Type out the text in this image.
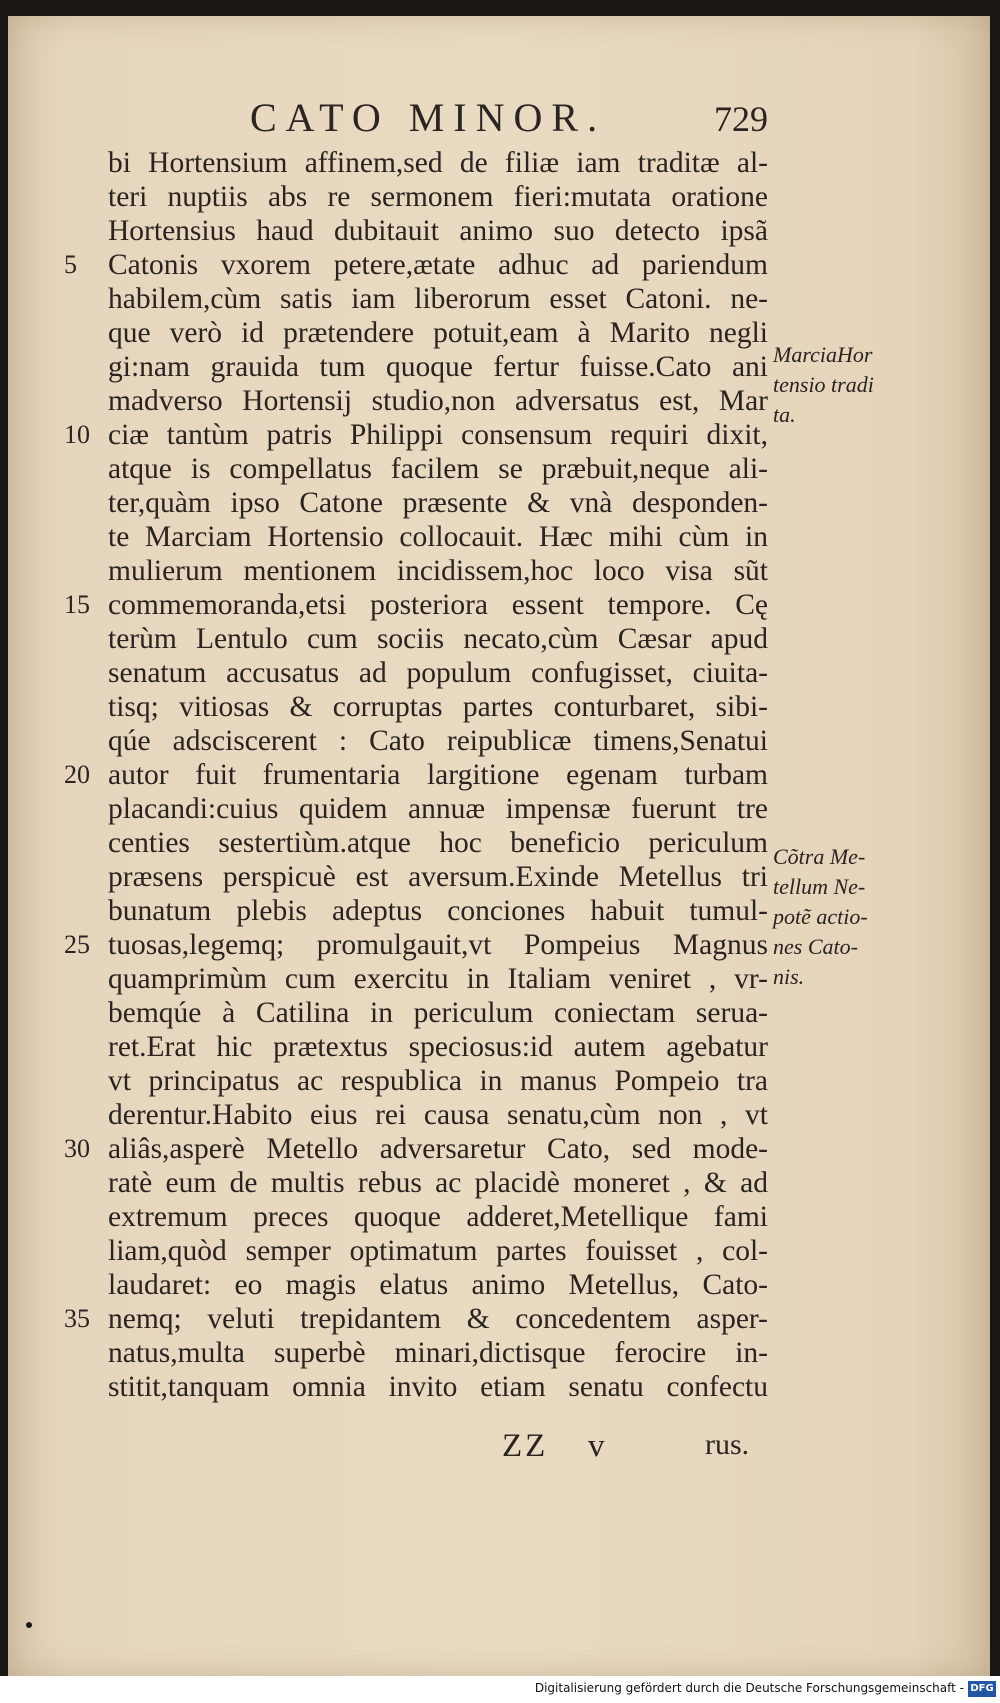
CATO MINOR.	729
bi Hortensium affinem,sed de filiæ iam traditæ al-
teri nuptiis abs re sermonem fieri:mutata oratione
Hortensius haud dubitauit animo suo detecto ipsã
5	Catonis vxorem petere,ætate adhuc ad pariendum
habilem,cùm satis iam liberorum esset Catoni. ne-
que verò id prætendere potuit,eam à Marito negli
gi:nam grauida tum quoque fertur fuisse.Cato ani
madverso Hortensij studio,non adversatus est, Mar
10 ciæ tantùm patris Philippi consensum requiri dixit,
atque is compellatus facilem se præbuit,neque ali-
ter,quàm ipso Catone præsente & vnà desponden-
te Marciam Hortensio collocauit. Hæc mihi cùm in
mulierum mentionem incidissem,hoc loco visa sũt
15 commemoranda,etsi posteriora essent tempore. Cę
terùm Lentulo cum sociis necato,cùm Cæsar apud
senatum accusatus ad populum confugisset, ciuita-
tisq; vitiosas & corruptas partes conturbaret, sibi-
qúe adsciscerent : Cato reipublicæ timens,Senatui
20 autor fuit frumentaria largitione egenam turbam
placandi:cuius quidem annuæ impensæ fuerunt tre
centies sestertiùm.atque hoc beneficio periculum
præsens perspicuè est aversum.Exinde Metellus tri
bunatum plebis adeptus conciones habuit tumul-
25 tuosas,legemq; promulgauit,vt Pompeius Magnus
quamprimùm cum exercitu in Italiam veniret , vr-
bemqúe à Catilina in periculum coniectam serua-
ret.Erat hic prætextus speciosus:id autem agebatur
vt principatus ac respublica in manus Pompeio tra
derentur.Habito eius rei causa senatu,cùm non , vt
30 aliâs,asperè Metello adversaretur Cato, sed mode-
ratè eum de multis rebus ac placidè moneret , & ad
extremum preces quoque adderet,Metellique fami
liam,quòd semper optimatum partes fouisset , col-
laudaret: eo magis elatus animo Metellus, Cato-
35 nemq; veluti trepidantem & concedentem asper-
natus,multa superbè minari,dictisque ferocire in-
stitit,tanquam omnia invito etiam senatu confectu
MarciaHor
tensio tradi
ta.
Cõtra Me-
tellum Ne-
potẽ actio-
nes Cato-
nis.
ZZ v	rus.
Digitalisierung gefördert durch die Deutsche Forschungsgemeinschaft - DFG
